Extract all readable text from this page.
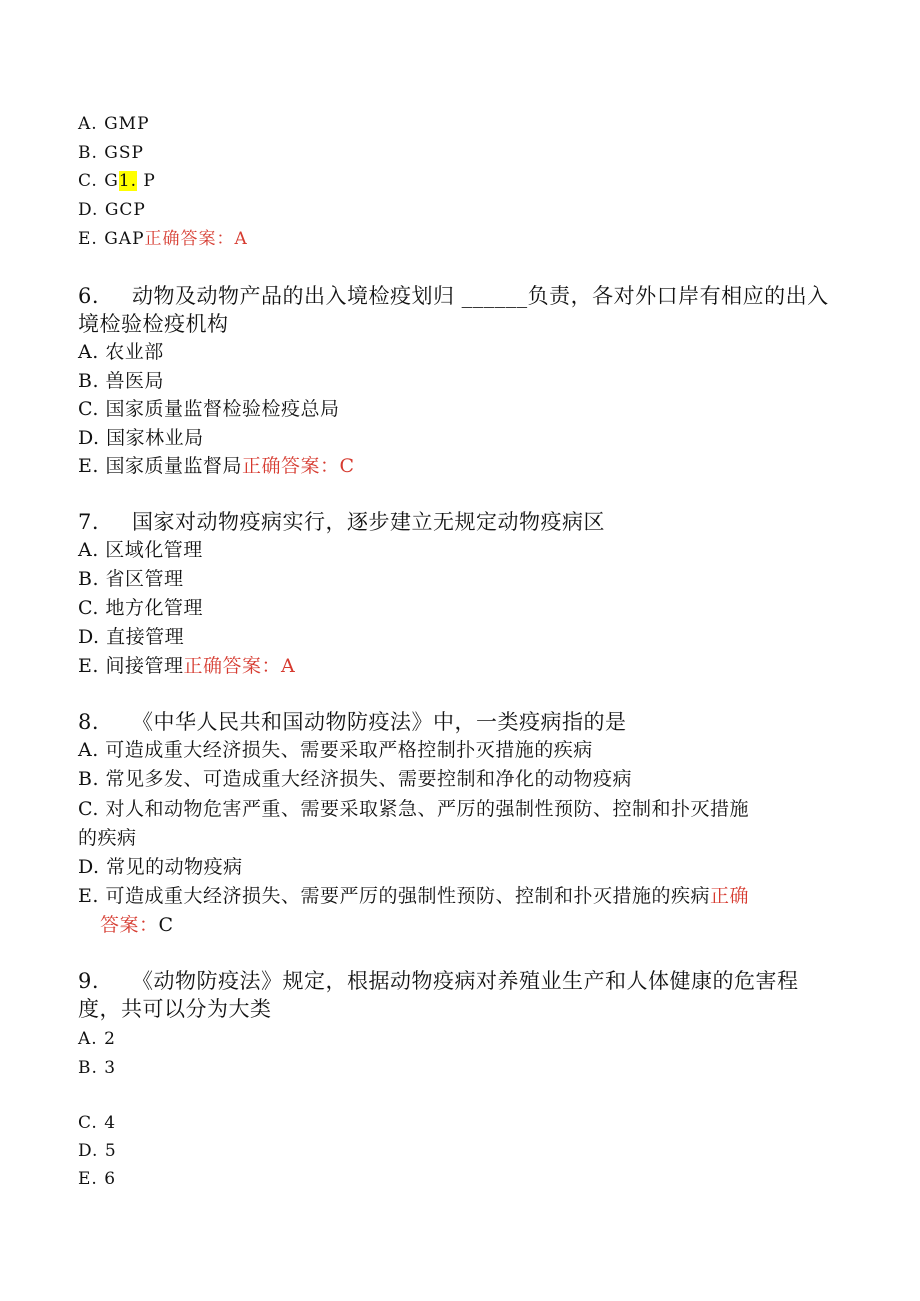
A. GMP
B. GSP
C. G1. P
D. GCP
E. GAP正确答案：A
6. 动物及动物产品的出入境检疫划归 ______负责，各对外口岸有相应的出入
境检验检疫机构
A. 农业部
B. 兽医局
C. 国家质量监督检验检疫总局
D. 国家林业局
E. 国家质量监督局正确答案：C
7. 国家对动物疫病实行，逐步建立无规定动物疫病区
A. 区域化管理
B. 省区管理
C. 地方化管理
D. 直接管理
E. 间接管理正确答案：A
8. 《中华人民共和国动物防疫法》中，一类疫病指的是
A. 可造成重大经济损失、需要采取严格控制扑灭措施的疾病
B. 常见多发、可造成重大经济损失、需要控制和净化的动物疫病
C. 对人和动物危害严重、需要采取紧急、严厉的强制性预防、控制和扑灭措施
的疾病
D. 常见的动物疫病
E. 可造成重大经济损失、需要严厉的强制性预防、控制和扑灭措施的疾病正确
答案：C
9. 《动物防疫法》规定，根据动物疫病对养殖业生产和人体健康的危害程
度，共可以分为大类
A. 2
B. 3
C. 4
D. 5
E. 6
